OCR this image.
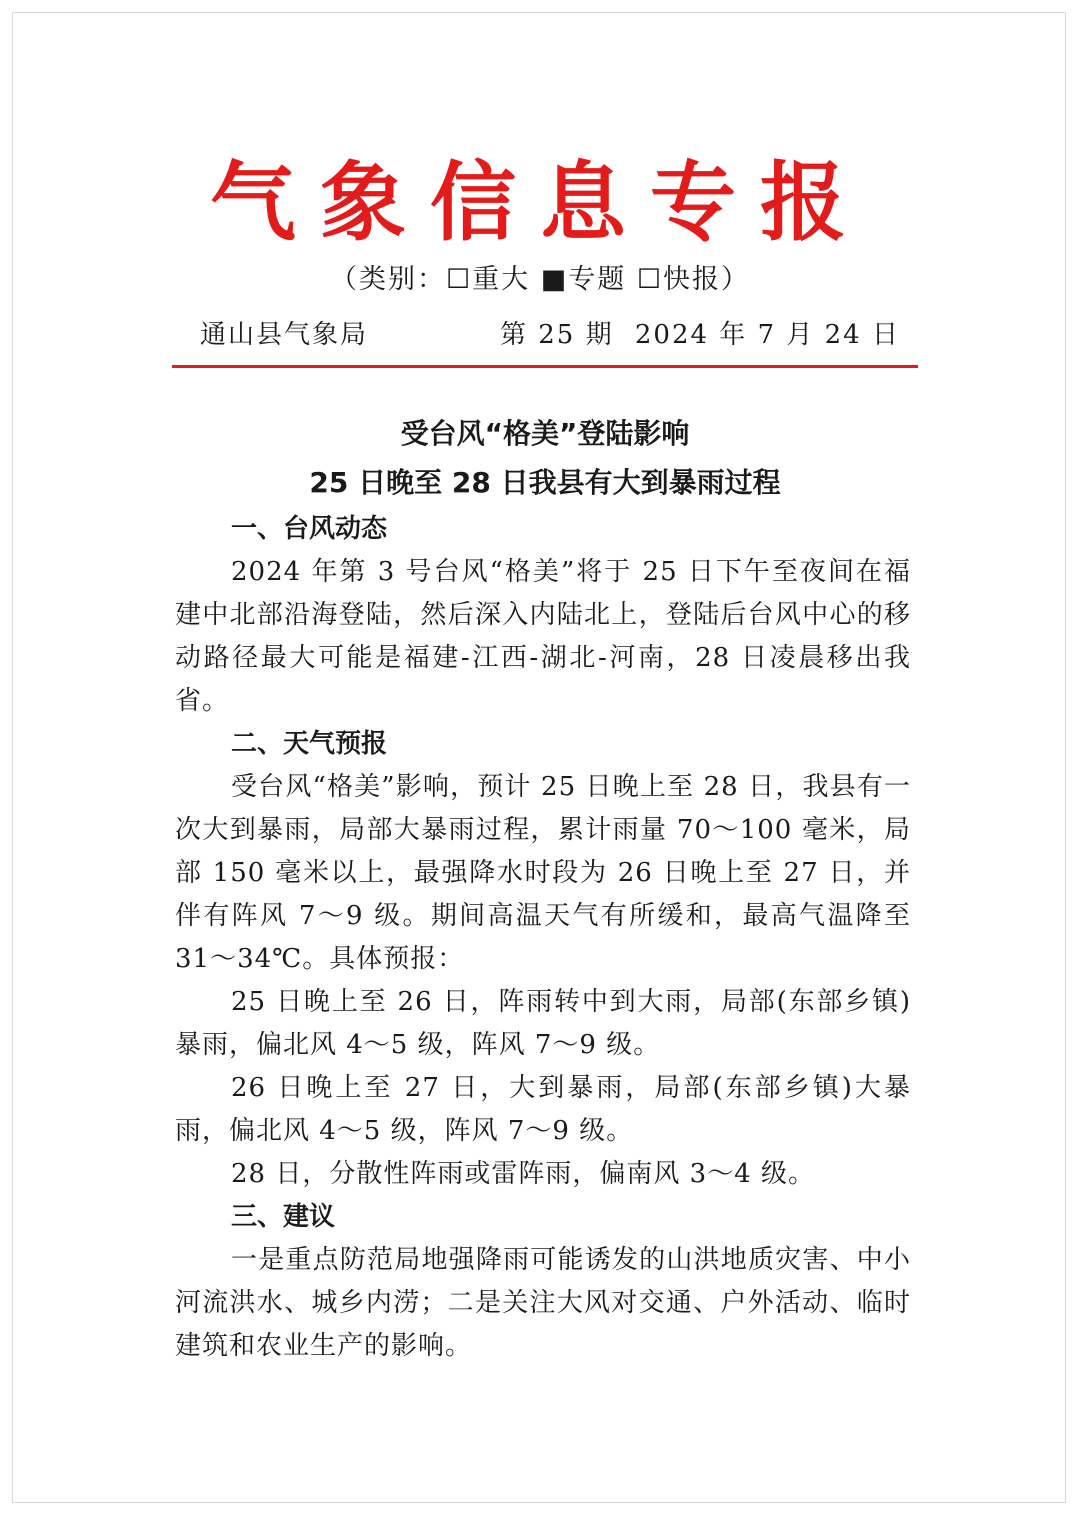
气象信息专报
（类别：☐重大 ■专题 ☐快报）
通山县气象局	第 25 期 2024 年 7 月 24 日
受台风“格美”登陆影响
25 日晚至 28 日我县有大到暴雨过程
一、台风动态

2024 年第 3 号台风“格美”将于 25 日下午至夜间在福建中北部沿海登陆，然后深入内陆北上，登陆后台风中心的移动路径最大可能是福建-江西-湖北-河南，28 日凌晨移出我省。

二、天气预报

受台风“格美”影响，预计 25 日晚上至 28 日，我县有一次大到暴雨，局部大暴雨过程，累计雨量 70～100 毫米，局部 150 毫米以上，最强降水时段为 26 日晚上至 27 日，并伴有阵风 7～9 级。期间高温天气有所缓和，最高气温降至 31～34℃。具体预报：

25 日晚上至 26 日，阵雨转中到大雨，局部(东部乡镇)暴雨，偏北风 4～5 级，阵风 7～9 级。

26 日晚上至 27 日，大到暴雨，局部(东部乡镇)大暴雨，偏北风 4～5 级，阵风 7～9 级。

28 日，分散性阵雨或雷阵雨，偏南风 3～4 级。

三、建议

一是重点防范局地强降雨可能诱发的山洪地质灾害、中小河流洪水、城乡内涝；二是关注大风对交通、户外活动、临时建筑和农业生产的影响。
